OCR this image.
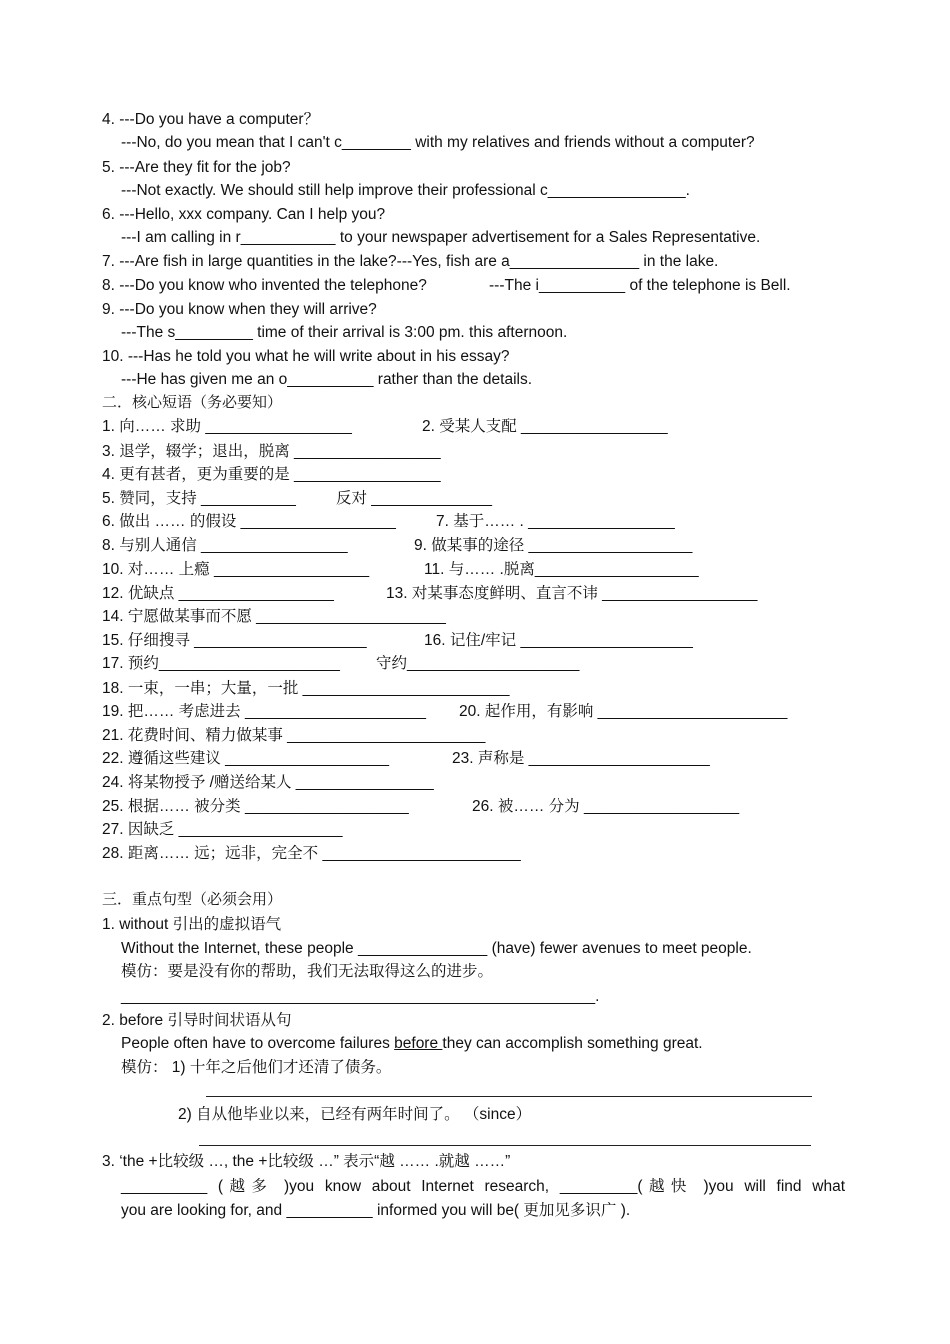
4. ---Do you have a computer？
---No, do you mean that I can't c________ with my relatives and friends without a computer?
5. ---Are they fit for the job?
---Not exactly. We should still help improve their professional c________________.
6. ---Hello, xxx company. Can I help you?
---I am calling in r___________ to your newspaper advertisement for a Sales Representative.
7. ---Are fish in large quantities in the lake?---Yes, fish are a_______________ in the lake.
8. ---Do you know who invented the telephone?	---The i__________ of the telephone is Bell.
9. ---Do you know when they will arrive?
---The s_________ time of their arrival is 3:00 pm. this afternoon.
10. ---Has he told you what he will write about in his essay?
---He has given me an o__________ rather than the details.
二．核心短语（务必要知）
1. 向…… 求助 _________________	2. 受某人支配 _________________
3. 退学，辍学；退出，脱离 _________________
4. 更有甚者，更为重要的是 _________________
5. 赞同，支持 ___________	反对 ______________
6. 做出 …… 的假设 __________________	7. 基于…… . _________________
8. 与别人通信 _________________	9. 做某事的途径 ___________________
10. 对…… 上瘾 __________________	11. 与…… .脱离___________________
12. 优缺点 __________________	13. 对某事态度鲜明、直言不讳 __________________
14. 宁愿做某事而不愿 ______________________
15. 仔细搜寻 ____________________	16. 记住/牢记 ____________________
17. 预约_____________________ 守约____________________
18. 一束，一串；大量，一批 ________________________
19. 把…… 考虑进去 _____________________ 20. 起作用，有影响 ______________________
21. 花费时间、精力做某事 _______________________
22. 遵循这些建议 ___________________	23. 声称是 _____________________
24. 将某物授予 /赠送给某人 ________________
25. 根据…… 被分类 ___________________	26. 被…… 分为 __________________
27. 因缺乏 ___________________
28. 距离…… 远；远非，完全不 _______________________
三．重点句型（必须会用）
1. without 引出的虚拟语气
Without the Internet, these people _______________ (have) fewer avenues to meet people.
模仿：要是没有你的帮助，我们无法取得这么的进步。
_______________________________________________________.
2. before 引导时间状语从句
People often have to overcome failures before they can accomplish something great.
模仿： 1) 十年之后他们才还清了债务。
2) 自从他毕业以来，已经有两年时间了。 （since）
3. ‘the +比较级 …, the +比较级 …” 表示“越 …… .就越 ……”
__________ (越多 )you know about Internet research, _________(越快 )you will find what
you are looking for, and __________ informed you will be( 更加见多识广 ).
